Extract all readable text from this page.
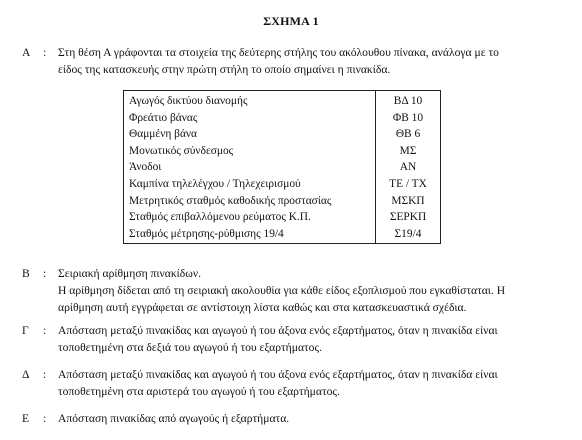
ΣΧΗΜΑ 1
Α : Στη θέση Α γράφονται τα στοιχεία της δεύτερης στήλης του ακόλουθου πίνακα, ανάλογα με το

είδος της κατασκευής στην πρώτη στήλη το οποίο σημαίνει η πινακίδα.

Αγωγός δικτύου διανομής	ΒΔ 10
Φρεάτιο βάνας	ΦΒ 10
Θαμμένη βάνα	ΘΒ 6
Μονωτικός σύνδεσμος	ΜΣ
Άνοδοι	ΑΝ
Καμπίνα τηλελέγχου / Τηλεχειρισμού	ΤΕ / ΤΧ
Μετρητικός σταθμός καθοδικής προστασίας	ΜΣΚΠ
Σταθμός επιβαλλόμενου ρεύματος Κ.Π.	ΣΕΡΚΠ
Σταθμός μέτρησης-ρύθμισης 19/4	Σ19/4
Β : Σειριακή αρίθμηση πινακίδων.

Η αρίθμηση δίδεται από τη σειριακή ακολουθία για κάθε είδος εξοπλισμού που εγκαθίσταται. Η

αρίθμηση αυτή εγγράφεται σε αντίστοιχη λίστα καθώς και στα κατασκευαστικά σχέδια.

Γ : Απόσταση μεταξύ πινακίδας και αγωγού ή του άξονα ενός εξαρτήματος, όταν η πινακίδα είναι

τοποθετημένη στα δεξιά του αγωγού ή του εξαρτήματος.

Δ : Απόσταση μεταξύ πινακίδας και αγωγού ή του άξονα ενός εξαρτήματος, όταν η πινακίδα είναι

τοποθετημένη στα αριστερά του αγωγού ή του εξαρτήματος.

Ε : Απόσταση πινακίδας από αγωγούς ή εξαρτήματα.
